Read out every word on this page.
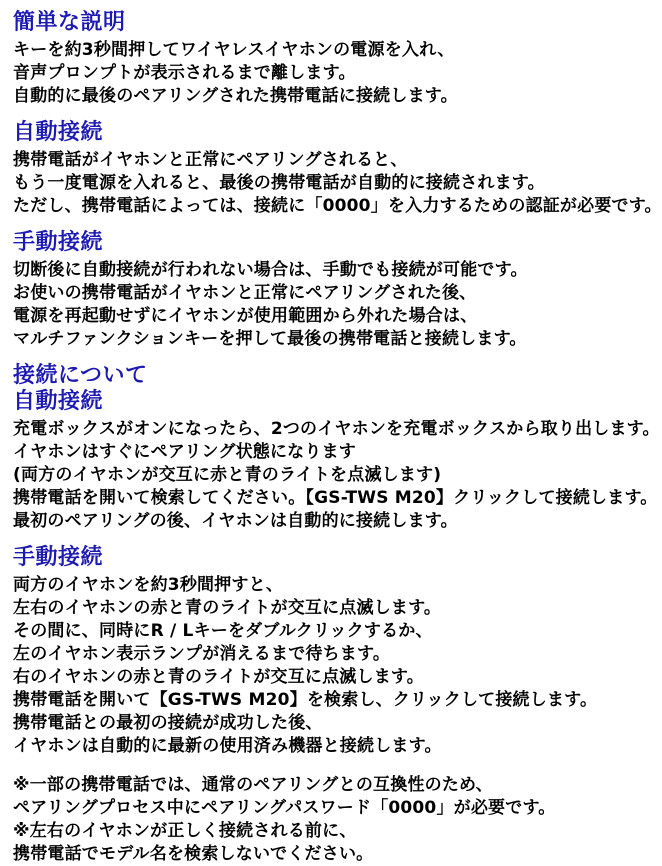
簡単な説明

キーを約3秒間押してワイヤレスイヤホンの電源を入れ、

音声プロンプトが表示されるまで離します。

自動的に最後のペアリングされた携帯電話に接続します。

自動接続

携帯電話がイヤホンと正常にペアリングされると、

もう一度電源を入れると、最後の携帯電話が自動的に接続されます。

ただし、携帯電話によっては、接続に「0000」を入力するための認証が必要です。

手動接続

切断後に自動接続が行われない場合は、手動でも接続が可能です。

お使いの携帯電話がイヤホンと正常にペアリングされた後、

電源を再起動せずにイヤホンが使用範囲から外れた場合は、

マルチファンクションキーを押して最後の携帯電話と接続します。

接続について
自動接続

充電ボックスがオンになったら、2つのイヤホンを充電ボックスから取り出します。

イヤホンはすぐにペアリング状態になります

(両方のイヤホンが交互に赤と青のライトを点滅します)

携帯電話を開いて検索してください。【GS-TWS M20】クリックして接続します。

最初のペアリングの後、イヤホンは自動的に接続します。

手動接続

両方のイヤホンを約3秒間押すと、

左右のイヤホンの赤と青のライトが交互に点滅します。

その間に、同時にR / Lキーをダブルクリックするか、

左のイヤホン表示ランプが消えるまで待ちます。

右のイヤホンの赤と青のライトが交互に点滅します。

携帯電話を開いて【GS-TWS M20】を検索し、クリックして接続します。

携帯電話との最初の接続が成功した後、

イヤホンは自動的に最新の使用済み機器と接続します。

※一部の携帯電話では、通常のペアリングとの互換性のため、

ペアリングプロセス中にペアリングパスワード「0000」が必要です。

※左右のイヤホンが正しく接続される前に、

携帯電話でモデル名を検索しないでください。
